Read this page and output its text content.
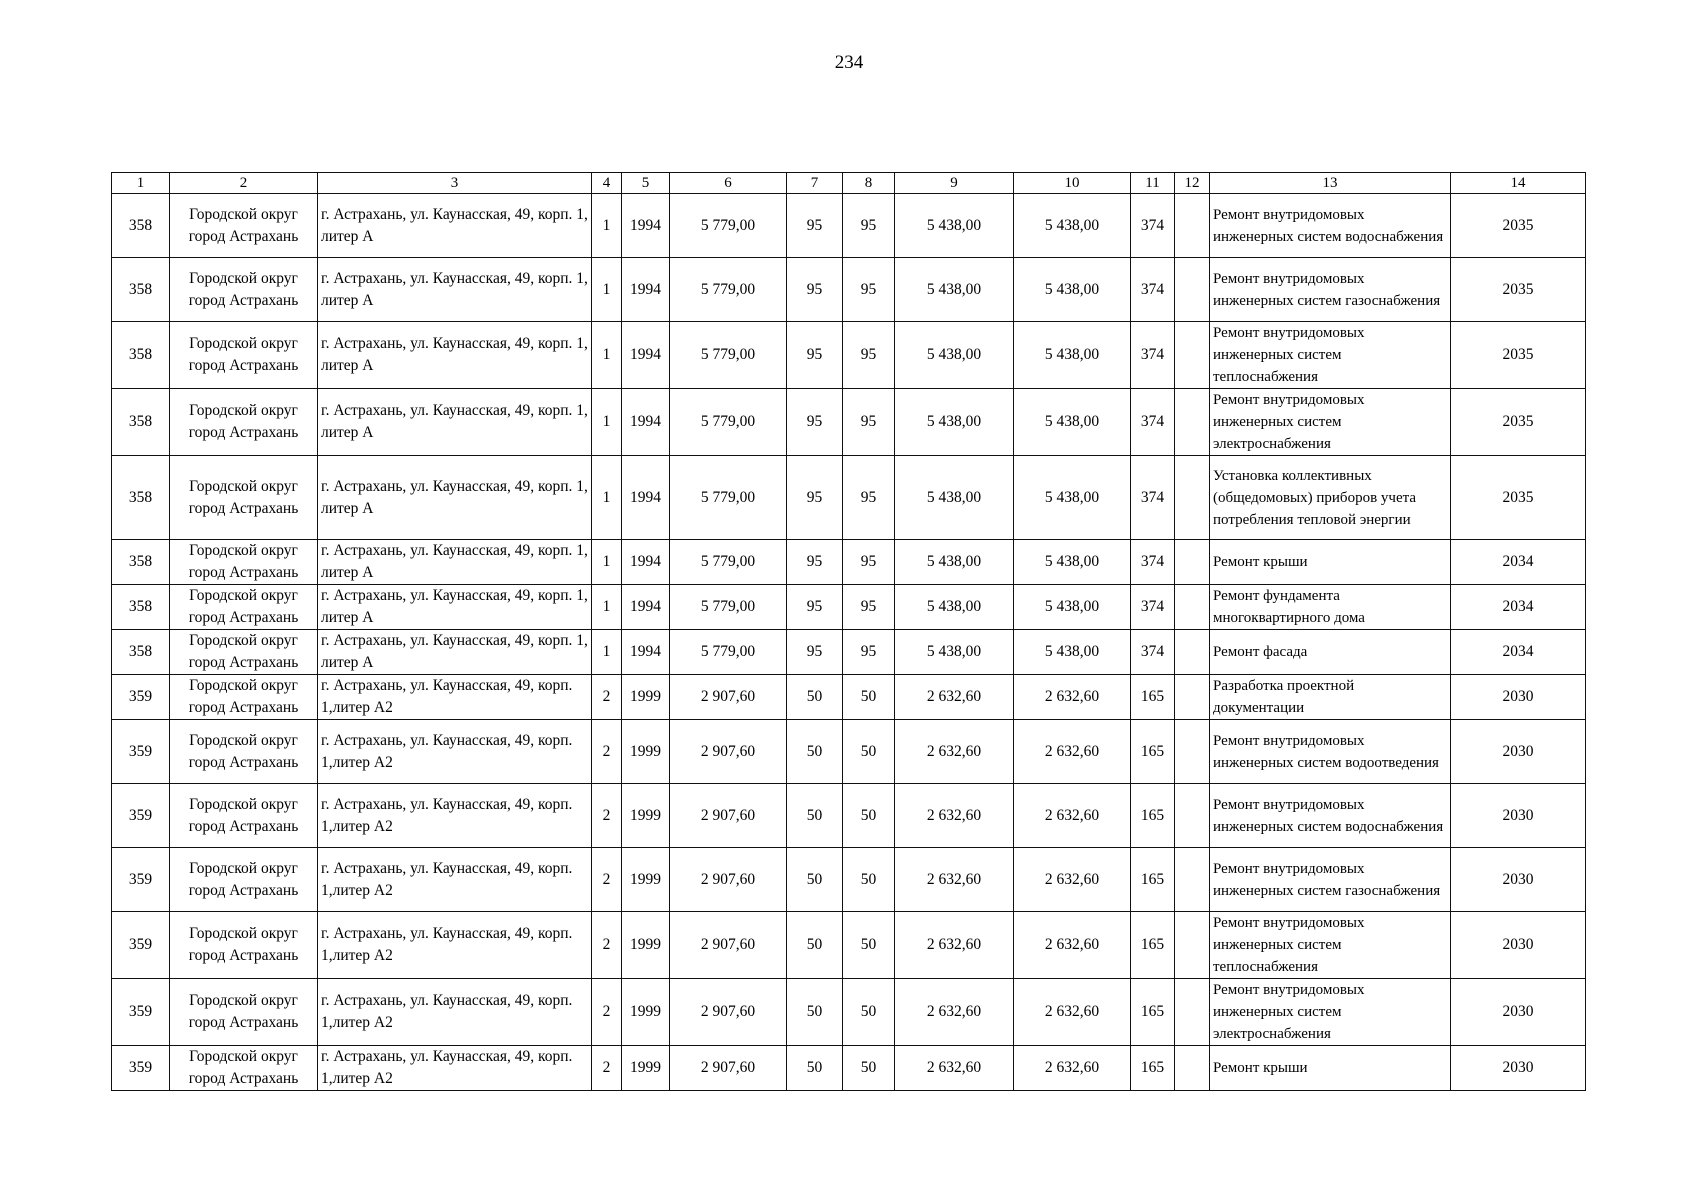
234
1	2	3	4	5	6	7	8	9	10	11	12	13	14
358	Городской округ город Астрахань	г. Астрахань, ул. Каунасская, 49, корп. 1, литер А	1	1994	5 779,00	95	95	5 438,00	5 438,00	374		Ремонт внутридомовых инженерных систем водоснабжения	2035
358	Городской округ город Астрахань	г. Астрахань, ул. Каунасская, 49, корп. 1, литер А	1	1994	5 779,00	95	95	5 438,00	5 438,00	374		Ремонт внутридомовых инженерных систем газоснабжения	2035
358	Городской округ город Астрахань	г. Астрахань, ул. Каунасская, 49, корп. 1, литер А	1	1994	5 779,00	95	95	5 438,00	5 438,00	374		Ремонт внутридомовых инженерных систем теплоснабжения	2035
358	Городской округ город Астрахань	г. Астрахань, ул. Каунасская, 49, корп. 1, литер А	1	1994	5 779,00	95	95	5 438,00	5 438,00	374		Ремонт внутридомовых инженерных систем электроснабжения	2035
358	Городской округ город Астрахань	г. Астрахань, ул. Каунасская, 49, корп. 1, литер А	1	1994	5 779,00	95	95	5 438,00	5 438,00	374		Установка коллективных (общедомовых) приборов учета потребления тепловой энергии	2035
358	Городской округ город Астрахань	г. Астрахань, ул. Каунасская, 49, корп. 1, литер А	1	1994	5 779,00	95	95	5 438,00	5 438,00	374		Ремонт крыши	2034
358	Городской округ город Астрахань	г. Астрахань, ул. Каунасская, 49, корп. 1, литер А	1	1994	5 779,00	95	95	5 438,00	5 438,00	374		Ремонт фундамента многоквартирного дома	2034
358	Городской округ город Астрахань	г. Астрахань, ул. Каунасская, 49, корп. 1, литер А	1	1994	5 779,00	95	95	5 438,00	5 438,00	374		Ремонт фасада	2034
359	Городской округ город Астрахань	г. Астрахань, ул. Каунасская, 49, корп. 1,литер А2	2	1999	2 907,60	50	50	2 632,60	2 632,60	165		Разработка проектной документации	2030
359	Городской округ город Астрахань	г. Астрахань, ул. Каунасская, 49, корп. 1,литер А2	2	1999	2 907,60	50	50	2 632,60	2 632,60	165		Ремонт внутридомовых инженерных систем водоотведения	2030
359	Городской округ город Астрахань	г. Астрахань, ул. Каунасская, 49, корп. 1,литер А2	2	1999	2 907,60	50	50	2 632,60	2 632,60	165		Ремонт внутридомовых инженерных систем водоснабжения	2030
359	Городской округ город Астрахань	г. Астрахань, ул. Каунасская, 49, корп. 1,литер А2	2	1999	2 907,60	50	50	2 632,60	2 632,60	165		Ремонт внутридомовых инженерных систем газоснабжения	2030
359	Городской округ город Астрахань	г. Астрахань, ул. Каунасская, 49, корп. 1,литер А2	2	1999	2 907,60	50	50	2 632,60	2 632,60	165		Ремонт внутридомовых инженерных систем теплоснабжения	2030
359	Городской округ город Астрахань	г. Астрахань, ул. Каунасская, 49, корп. 1,литер А2	2	1999	2 907,60	50	50	2 632,60	2 632,60	165		Ремонт внутридомовых инженерных систем электроснабжения	2030
359	Городской округ город Астрахань	г. Астрахань, ул. Каунасская, 49, корп. 1,литер А2	2	1999	2 907,60	50	50	2 632,60	2 632,60	165		Ремонт крыши	2030
